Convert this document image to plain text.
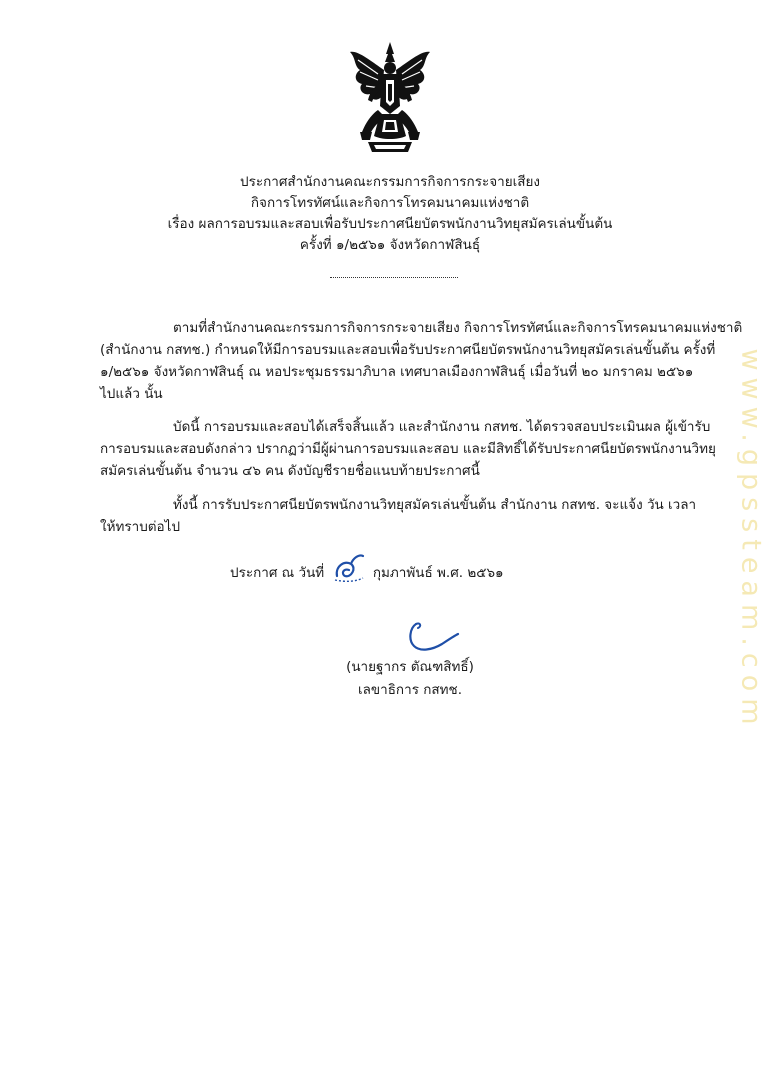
ประกาศสำนักงานคณะกรรมการกิจการกระจายเสียง
กิจการโทรทัศน์และกิจการโทรคมนาคมแห่งชาติ
เรื่อง ผลการอบรมและสอบเพื่อรับประกาศนียบัตรพนักงานวิทยุสมัครเล่นขั้นต้น
ครั้งที่ ๑/๒๕๖๑ จังหวัดกาฬสินธุ์
ตามที่สำนักงานคณะกรรมการกิจการกระจายเสียง กิจการโทรทัศน์และกิจการโทรคมนาคมแห่งชาติ
(สำนักงาน กสทช.) กำหนดให้มีการอบรมและสอบเพื่อรับประกาศนียบัตรพนักงานวิทยุสมัครเล่นขั้นต้น ครั้งที่
๑/๒๕๖๑ จังหวัดกาฬสินธุ์ ณ หอประชุมธรรมาภิบาล เทศบาลเมืองกาฬสินธุ์ เมื่อวันที่ ๒๐ มกราคม ๒๕๖๑
ไปแล้ว นั้น
บัดนี้ การอบรมและสอบได้เสร็จสิ้นแล้ว และสำนักงาน กสทช. ได้ตรวจสอบประเมินผล ผู้เข้ารับ
การอบรมและสอบดังกล่าว ปรากฏว่ามีผู้ผ่านการอบรมและสอบ และมีสิทธิ์ได้รับประกาศนียบัตรพนักงานวิทยุ
สมัครเล่นขั้นต้น จำนวน ๔๖ คน ดังบัญชีรายชื่อแนบท้ายประกาศนี้
ทั้งนี้ การรับประกาศนียบัตรพนักงานวิทยุสมัครเล่นขั้นต้น สำนักงาน กสทช. จะแจ้ง วัน เวลา
ให้ทราบต่อไป
ประกาศ ณ วันที่	กุมภาพันธ์ พ.ศ. ๒๕๖๑
(นายฐากร ตัณฑสิทธิ์)
เลขาธิการ กสทช.	www.gpssteam.com
